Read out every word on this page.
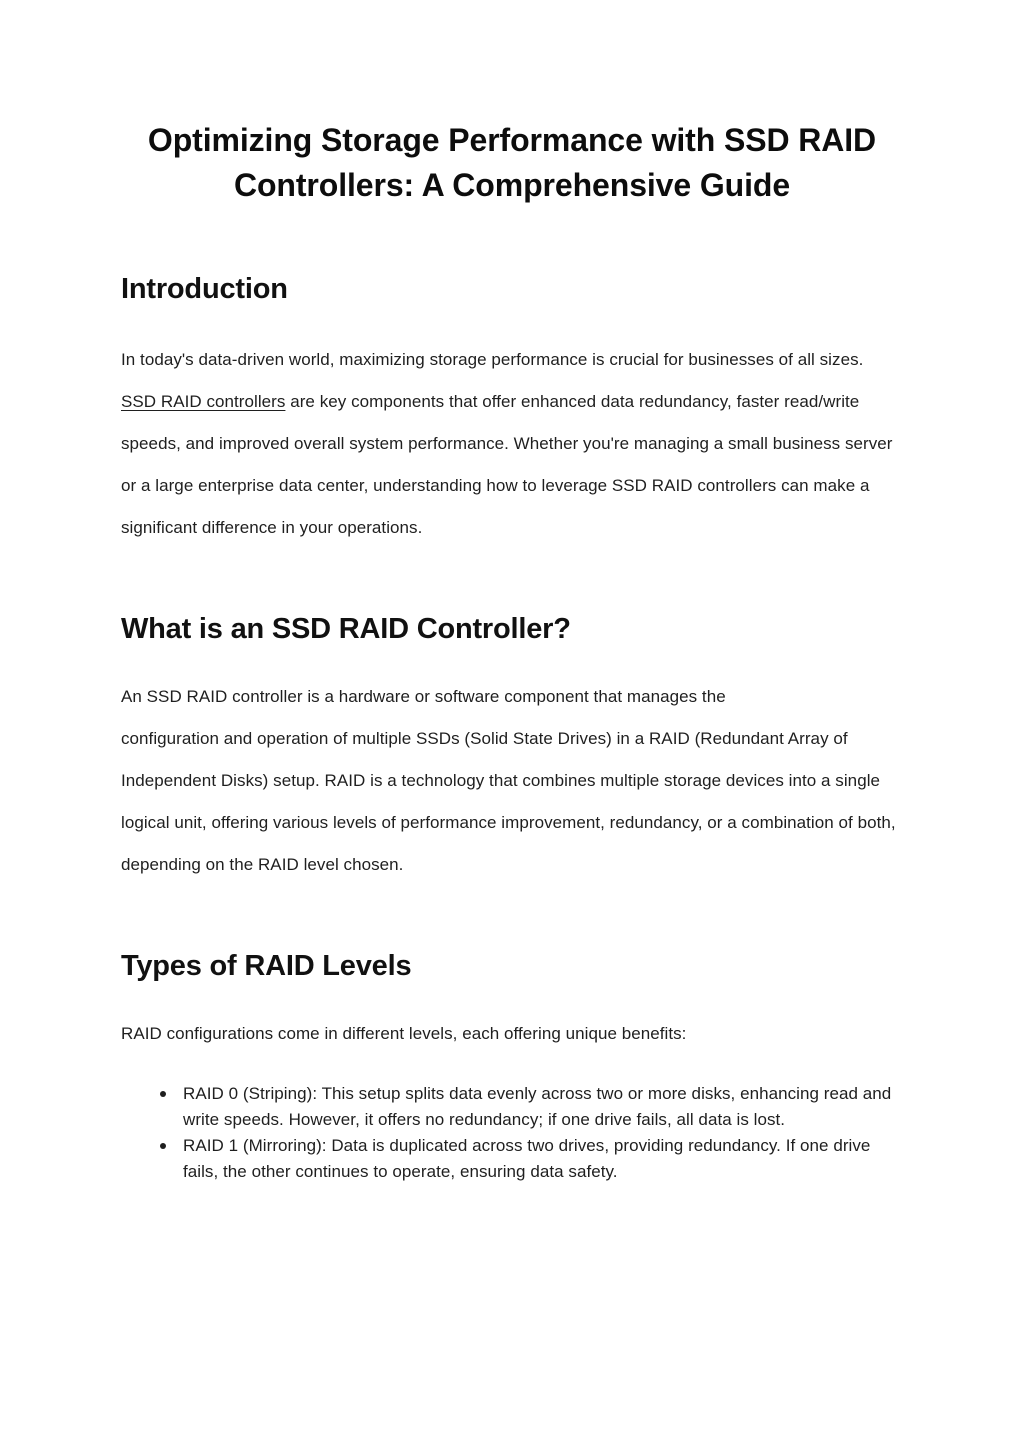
Optimizing Storage Performance with SSD RAID Controllers: A Comprehensive Guide
Introduction

In today's data-driven world, maximizing storage performance is crucial for businesses of all sizes. SSD RAID controllers are key components that offer enhanced data redundancy, faster read/write speeds, and improved overall system performance. Whether you're managing a small business server or a large enterprise data center, understanding how to leverage SSD RAID controllers can make a significant difference in your operations.

What is an SSD RAID Controller?

An SSD RAID controller is a hardware or software component that manages the
configuration and operation of multiple SSDs (Solid State Drives) in a RAID (Redundant Array of Independent Disks) setup. RAID is a technology that combines multiple storage devices into a single logical unit, offering various levels of performance improvement, redundancy, or a combination of both, depending on the RAID level chosen.

Types of RAID Levels

RAID configurations come in different levels, each offering unique benefits:

RAID 0 (Striping): This setup splits data evenly across two or more disks, enhancing read and write speeds. However, it offers no redundancy; if one drive fails, all data is lost.
RAID 1 (Mirroring): Data is duplicated across two drives, providing redundancy. If one drive fails, the other continues to operate, ensuring data safety.
